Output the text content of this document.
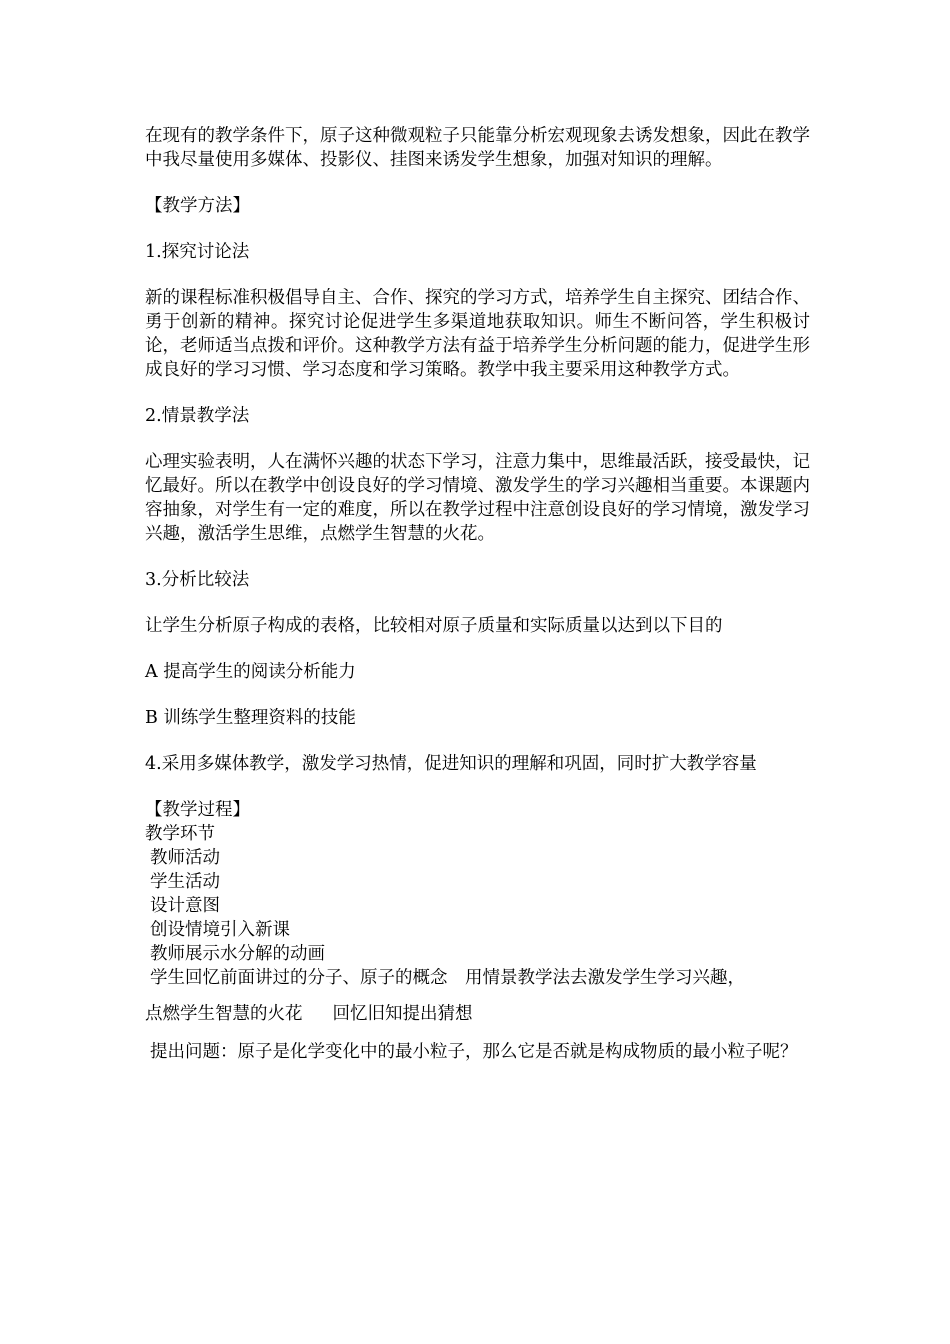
在现有的教学条件下，原子这种微观粒子只能靠分析宏观现象去诱发想象，因此在教学中我尽量使用多媒体、投影仪、挂图来诱发学生想象，加强对知识的理解。

【教学方法】

1.探究讨论法

新的课程标准积极倡导自主、合作、探究的学习方式，培养学生自主探究、团结合作、勇于创新的精神。探究讨论促进学生多渠道地获取知识。师生不断问答，学生积极讨论，老师适当点拨和评价。这种教学方法有益于培养学生分析问题的能力，促进学生形成良好的学习习惯、学习态度和学习策略。教学中我主要采用这种教学方式。

2.情景教学法

心理实验表明，人在满怀兴趣的状态下学习，注意力集中，思维最活跃，接受最快，记忆最好。所以在教学中创设良好的学习情境、激发学生的学习兴趣相当重要。本课题内容抽象，对学生有一定的难度，所以在教学过程中注意创设良好的学习情境，激发学习兴趣，激活学生思维，点燃学生智慧的火花。

3.分析比较法

让学生分析原子构成的表格，比较相对原子质量和实际质量以达到以下目的

A 提高学生的阅读分析能力

B 训练学生整理资料的技能

4.采用多媒体教学，激发学习热情，促进知识的理解和巩固，同时扩大教学容量

【教学过程】

教学环节

教师活动

学生活动

设计意图

创设情境引入新课

教师展示水分解的动画

学生回忆前面讲过的分子、原子的概念　用情景教学法去激发学生学习兴趣，

点燃学生智慧的火花 回忆旧知提出猜想

提出问题：原子是化学变化中的最小粒子，那么它是否就是构成物质的最小粒子呢？
